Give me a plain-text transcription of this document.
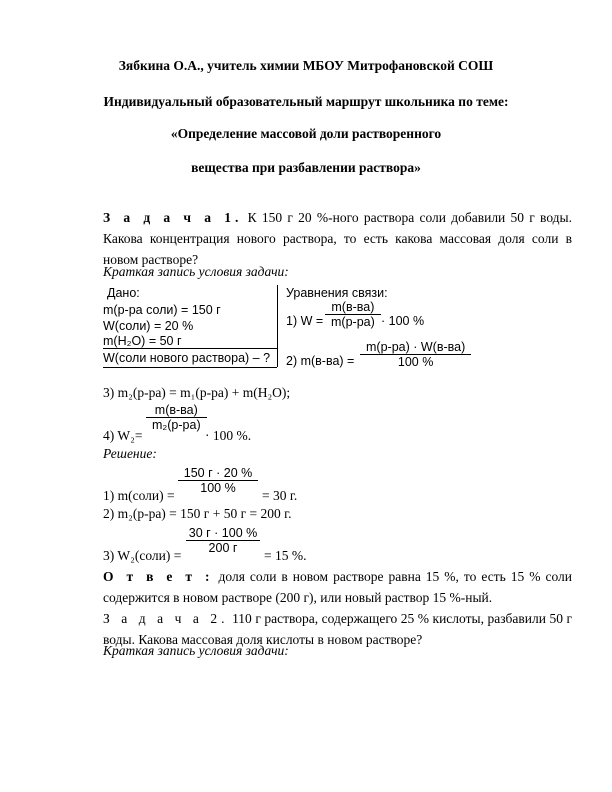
Зябкина О.А., учитель химии МБОУ Митрофановской СОШ
Индивидуальный образовательный маршрут школьника по теме:
«Определение массовой доли растворенного
вещества при разбавлении раствора»
З а д а ч а 1. К 150 г 20 %-ного раствора соли добавили 50 г воды. Какова концентрация нового раствора, то есть какова массовая доля соли в новом растворе?
Краткая запись условия задачи:
Дано:
m(р-ра соли) = 150 г
W(соли) = 20 %
m(H₂O) = 50 г
W(соли нового раствора) – ?
Уравнения связи:
1) W =
m(в-ва)
m(р-ра) · 100 %
2) m(в-ва) =
m(р-ра) · W(в-ва)
100 %
3) m₂(р-ра) = m₁(р-ра) + m(H₂O);
4) W₂=
m(в-ва)
m₂(р-ра)
· 100 %.
Решение:
1) m(соли) =
150 г · 20 %
100 %	= 30 г.
2) m₂(р-ра) = 150 г + 50 г = 200 г.
3) W₂(соли) =
30 г · 100 %
200 г	= 15 %.
О т в е т : доля соли в новом растворе равна 15 %, то есть 15 % соли содержится в новом растворе (200 г), или новый раствор 15 %-ный.
З а д а ч а 2. 110 г раствора, содержащего 25 % кислоты, разбавили 50 г воды. Какова массовая доля кислоты в новом растворе?
Краткая запись условия задачи:
